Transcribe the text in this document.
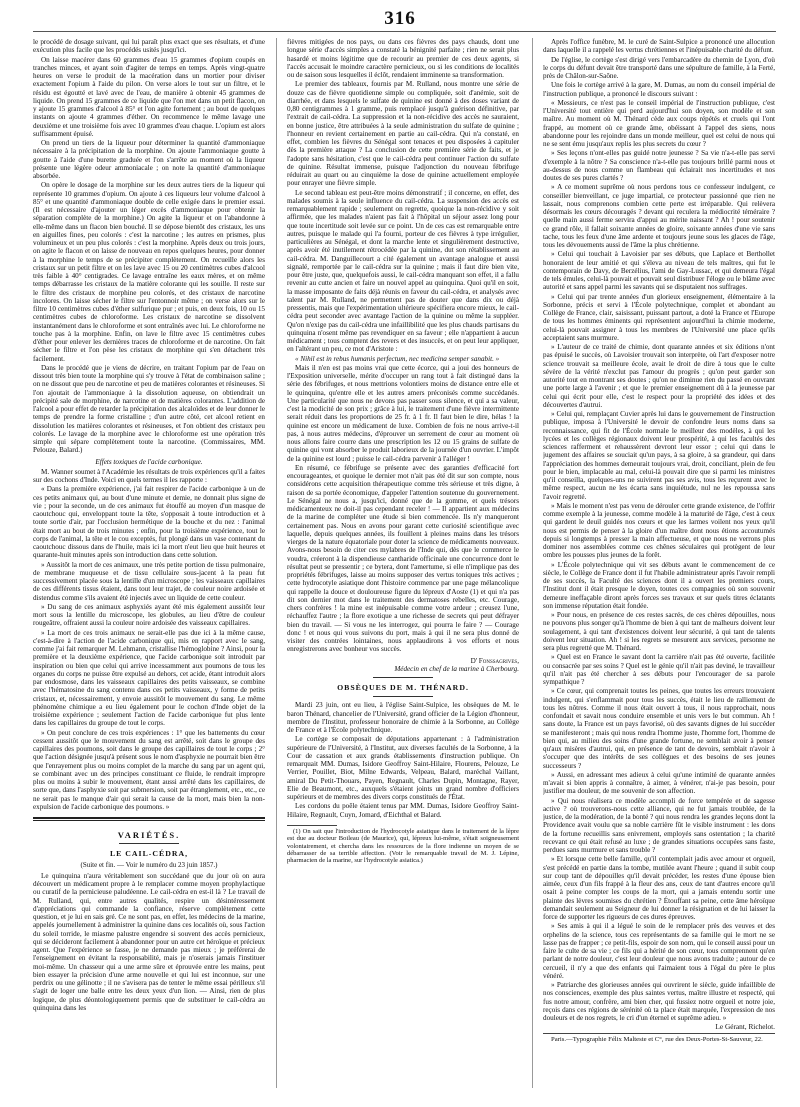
316

le procédé de dosage suivant, qui lui paraît plus exact que ses résultats, et d'une exécution plus facile que les procédés usités jusqu'ici.

On laisse macérer dans 60 grammes d'eau 15 grammes d'opium coupés en tranches minces, et ayant soin d'agiter de temps en temps. Après vingt-quatre heures on verse le produit de la macération dans un mortier pour diviser exactement l'opium à l'aide du pilon. On verse alors le tout sur un filtre, et le résidu est égoutté et lavé avec de l'eau, de manière à obtenir 45 grammes de liquide. On prend 15 grammes de ce liquide que l'on met dans un petit flacon, on y ajoute 15 grammes d'alcool à 85° et l'on agite fortement ; au bout de quelques instants on ajoute 4 grammes d'éther. On recommence le même lavage une deuxième et une troisième fois avec 10 grammes d'eau chaque. L'opium est alors suffisamment épuisé.

On prend un tiers de la liqueur pour déterminer la quantité d'ammoniaque nécessaire à la précipitation de la morphine. On ajoute l'ammoniaque goutte à goutte à l'aide d'une burette graduée et l'on s'arrête au moment où la liqueur présente une légère odeur ammoniacale ; on note la quantité d'ammoniaque absorbée.

On opère le dosage de la morphine sur les deux autres tiers de la liqueur qui représente 10 grammes d'opium. On ajoute à ces liqueurs leur volume d'alcool à 85° et une quantité d'ammoniaque double de celle exigée dans le premier essai. (Il est nécessaire d'ajouter un léger excès d'ammoniaque pour obtenir la séparation complète de la morphine.) On agite la liqueur et on l'abandonne à elle-même dans un flacon bien bouché. Il se dépose bientôt des cristaux, les uns en aiguilles fines, peu colorés : c'est la narcotine ; les autres en prismes, plus volumineux et un peu plus colorés : c'est la morphine. Après deux ou trois jours, on agite le flacon et on laisse de nouveau en repos quelques heures, pour donner à la morphine le temps de se précipiter complètement. On recueille alors les cristaux sur un petit filtre et on les lave avec 15 ou 20 centimètres cubes d'alcool très faible à 40° centigrades. Ce lavage entraîne les eaux mères, et on même temps débarrasse les cristaux de la matière colorante qui les souille. Il reste sur le filtre des cristaux de morphine peu colorés, et des cristaux de narcotine incolores. On laisse sécher le filtre sur l'entonnoir même ; on verse alors sur le filtre 10 centimètres cubes d'éther sulfurique pur ; et puis, en deux fois, 10 ou 15 centimètres cubes de chloroforme. Les cristaux de narcotine se dissolvent instantanément dans le chloroforme et sont entraînés avec lui. Le chloroforme ne touche pas à la morphine. Enfin, on lave le filtre avec 15 centimètres cubes d'éther pour enlever les dernières traces de chloroforme et de narcotine. On fait sécher le filtre et l'on pèse les cristaux de morphine qui s'en détachent très facilement.

Dans le procédé que je viens de décrire, en traitant l'opium par de l'eau on dissout très bien toute la morphine qui s'y trouve à l'état de combinaison saline ; on ne dissout que peu de narcotine et peu de matières colorantes et résineuses. Si l'on ajoutait de l'ammoniaque à la dissolution aqueuse, on obtiendrait un précipité sale de morphine, de narcotine et de matières colorantes. L'addition de l'alcool a pour effet de retarder la précipitation des alcaloïdes et de leur donner le temps de prendre la forme cristalline ; d'un autre côté, cet alcool retient en dissolution les matières colorantes et résineuses, et l'on obtient des cristaux peu colorés. Le lavage de la morphine avec le chloroforme est une opération très simple qui sépare complètement toute la narcotine. (Commissaires, MM. Pelouze, Balard.)

Effets toxiques de l'acide carbonique.

M. Wanner soumet à l'Académie les résultats de trois expériences qu'il a faites sur des cochons d'Inde. Voici en quels termes il les rapporte :

« Dans la première expérience, j'ai fait respirer de l'acide carbonique à un de ces petits animaux qui, au bout d'une minute et demie, ne donnait plus signe de vie ; pour la seconde, un de ces animaux fut étouffé au moyen d'un masque de caoutchouc qui, enveloppant toute la tête, s'opposait à toute introduction et à toute sortie d'air, par l'occlusion hermétique de la bouche et du nez : l'animal était mort au bout de trois minutes ; enfin, pour la troisième expérience, tout le corps de l'animal, la tête et le cou exceptés, fut plongé dans un vase contenant du caoutchouc dissous dans de l'huile, mais ici la mort n'eut lieu que huit heures et quarante-huit minutes après son introduction dans cette solution.

» Aussitôt la mort de ces animaux, une très petite portion de tissu pulmonaire, de membrane muqueuse et de tissu cellulaire sous-jacent à la peau fut successivement placée sous la lentille d'un microscope ; les vaisseaux capillaires de ces différents tissus étaient, dans tout leur trajet, de couleur noire ardoisée et distendus comme s'ils avaient été injectés avec un liquide de cette couleur.

» Du sang de ces animaux asphyxiés ayant été mis également aussitôt leur mort sous la lentille du microscope, les globules, au lieu d'être de couleur rougeâtre, offraient aussi la couleur noire ardoisée des vaisseaux capillaires.

» La mort de ces trois animaux ne serait-elle pas due ici à la même cause, c'est-à-dire à l'action de l'acide carbonique qui, mis en rapport avec le sang, comme j'ai fait remarquer M. Lehmann, cristallise l'hémoglobine ? Ainsi, pour la première et la deuxième expérience, que l'acide carbonique soit introduit par inspiration ou bien que celui qui arrive incessamment aux poumons de tous les organes du corps ne puisse être expulsé au dehors, cet acide, étant introduit alors par endosmose, dans les vaisseaux capillaires des petits vaisseaux, se combine avec l'hématosine du sang contenu dans ces petits vaisseaux, y forme de petits cristaux, et, nécessairement, y envoie aussitôt le mouvement du sang. Le même phénomène chimique a eu lieu également pour le cochon d'Inde objet de la troisième expérience ; seulement l'action de l'acide carbonique fut plus lente dans les capillaires du groupe de tout le corps.

» On peut conclure de ces trois expériences : 1° que les battements du cœur cessent aussitôt que le mouvement du sang est arrêté, soit dans le groupe des capillaires des poumons, soit dans le groupe des capillaires de tout le corps ; 2° que l'action désignée jusqu'à présent sous le nom d'asphyxie ne pourrait bien être que l'enrayement plus ou moins complet de la marche du sang par un agent qui, se combinant avec un des principes constituant ce fluide, le rendrait impropre plus ou moins à subir le mouvement, étant aussi arrêté dans les capillaires, de sorte que, dans l'asphyxie soit par submersion, soit par étranglement, etc., etc., ce ne serait pas le manque d'air qui serait la cause de la mort, mais bien la non-expulsion de l'acide carbonique des poumons. »

VARIÉTÉS.

LE CAIL-CÉDRA,

(Suite et fin. — Voir le numéro du 23 juin 1857.)

Le quinquina n'aura véritablement son succédané que du jour où on aura découvert un médicament propre à le remplacer comme moyen prophylactique ou curatif de la pernicieuse paludéenne. Le cail-cédra en est-il là ? Le travail de M. Rulland, qui, entre autres qualités, respire un désintéressement d'appréciations qui commande la confiance, réserve complètement cette question, et je lui en sais gré. Ce ne sont pas, en effet, les médecins de la marine, appelés journellement à administrer la quinine dans ces localités où, sous l'action du soleil torride, le miasme palustre engendre si souvent des accès pernicieux, qui se décideront facilement à abandonner pour un autre cet héroïque et précieux agent. Que l'expérience se fasse, je ne demande pas mieux ; je préférerai de l'enseignement en évitant la responsabilité, mais je n'oserais jamais l'instituer moi-même. Un chasseur qui a une arme sûre et éprouvée entre les mains, peut bien essayer la précision d'une arme nouvelle et qui lui est inconnue, sur une perdrix ou une gélinotte ; il ne s'avisera pas de tenter le même essai périlleux s'il s'agit de loger une balle entre les deux yeux d'un lion. — Ainsi, rien de plus logique, de plus déontologiquement permis que de substituer le cail-cédra au quinquina dans les

fièvres mitigées de nos pays, ou dans ces fièvres des pays chauds, dont une longue série d'accès simples a constaté la bénignité parfaite ; rien ne serait plus hasardé et moins légitime que de recourir au premier de ces deux agents, si l'accès accusait le moindre caractère pernicieux, ou si les conditions de localités ou de saison sous lesquelles il éclôt, rendaient imminente sa transformation.

Le premier des tableaux, fournis par M. Rulland, nous montre une série de douze cas de fièvre quotidienne simple ou compliquée, soit d'anémie, soit de diarrhée, et dans lesquels le sulfate de quinine est donné à des doses variant de 0,80 centigrammes à 1 gramme, puis remplacé jusqu'à guérison définitive, par l'extrait de cail-cédra. La suppression et la non-récidive des accès ne sauraient, en bonne justice, être attribuées à la seule administration du sulfate de quinine ; l'honneur en revient certainement en partie au cail-cédra. Qui n'a constaté, en effet, combien les fièvres du Sénégal sont tenaces et peu disposées à capituler dès la première attaque ? La conclusion de cette première série de faits, et je l'adopte sans hésitation, c'est que le cail-cédra peut continuer l'action du sulfate de quinine. Résultat immense, puisque l'adjonction du nouveau fébrifuge réduirait au quart ou au cinquième la dose de quinine actuellement employée pour enrayer une fièvre simple.

Le second tableau est peut-être moins démonstratif ; il concerne, en effet, des malades soumis à la seule influence du cail-cédra. La suspension des accès est remarquablement rapide ; seulement on regrette, quoique la non-récidive y soit affirmée, que les malades n'aient pas fait à l'hôpital un séjour assez long pour que toute incertitude soit levée sur ce point. Un de ces cas est remarquable entre autres, puisque le malade qui l'a fourni, porteur de ces fièvres à type irrégulier, particulières au Sénégal, et dont la marche lente et singulièrement destructive, après avoir été inutilement rétrocédée par la quinine, dut son rétablissement au cail-cédra. M. Danguillecourt a cité également un avantage analogue et aussi signalé, remportée par le cail-cédra sur la quinine ; mais il faut dire bien vite, pour être juste, que, quelquefois aussi, le cail-cédra manquant son effet, il a fallu revenir au cutte ancien et faire un nouvel appel au quinquina. Quoi qu'il en soit, la masse imposante de faits déjà réunis en faveur du cail-cédra, et analysés avec talent par M. Rulland, ne permettent pas de douter que dans dix ou déjà pressentis, mais que l'expérimentation ultérieure spécifiera encore mieux, le cail-cédra peut seconder avec avantage l'action de la quinine ou même la suppléer. Qu'on n'exige pas du cail-cédra une infaillibilité que les plus chauds partisans du quinquina n'osent même pas revendiquer en sa faveur ; elle n'appartient à aucun médicament ; tous comptent des revers et des insuccès, et on peut leur appliquer, en l'altérant un peu, ce mot d'Aristote :

« Nihil est in rebus humanis perfectum, nec medicina semper sanabit. »

Mais il n'en est pas moins vrai que cette écorce, qui a joui des honneurs de l'Exposition universelle, mérite d'occuper un rang tout à fait distingué dans la série des fébrifuges, et nous mettrions volontiers moins de distance entre elle et le quinquina, qu'entre elle et les autres amers préconisés comme succédanés. Une particularité que nous ne devons pas passer sous silence, et qui a sa valeur, c'est la modicité de son prix ; grâce à lui, le traitement d'une fièvre intermittente serait réduit dans les proportions de 25 fr. à 1 fr. Il faut bien le dire, hélas ! la quinine est encore un médicament de luxe. Combien de fois ne nous arrive-t-il pas, à nous autres médecins, d'éprouver un serrement de cœur au moment où nous allons faire courre dans une prescription les 12 ou 15 grains de sulfate de quinine qui vont absorber le produit laborieux de la journée d'un ouvrier. L'impôt de la quinine est lourd ; puisse le cail-cédra parvenir à l'alléger !

En résumé, ce fébrifuge se présente avec des garanties d'efficacité fort encourageantes, et quoique le dernier mot n'ait pas été dit sur son compte, nous considérons cette acquisition thérapeutique comme très sérieuse et très digne, à raison de sa portée économique, d'appeler l'attention soutenue du gouvernement. Le Sénégal ne nous a, jusqu'ici, donné que de la gomme, et quels trésors médicamenteux ne doit-il pas cependant receler ! — Il appartient aux médecins de la marine de compléter une étude si bien commencée. Ils n'y manqueront certainement pas. Nous en avons pour garant cette curiosité scientifique avec laquelle, depuis quelques années, ils fouillent à pleines mains dans les trésors vierges de la nature équatoriale pour doter la science de médicaments nouveaux. Avons-nous besoin de citer ces mylabres de l'Inde qui, dès que le commerce le voudra, créeront à la dispendieuse cantharide officinale une concurrence dont le résultat peut se pressentir ; ce bytera, dont l'amertume, si elle n'implique pas des propriétés fébrifuges, laisse au moins supposer des vertus toniques très actives ; cette hydrocotyle asiatique dont l'histoire commence par une page mélancolique qui rappelle la douce et douloureuse figure du lépreux d'Aoste (1) et qui n'a pas dit son dernier mot dans le traitement des dermatoses rebelles, etc. Courage, chers confrères ! la mine est inépuisable comme votre ardeur ; creusez l'une, réchauffez l'autre ; la flore exotique a une richesse de secrets qui peut défrayer bien du travail. — Si vous ne les interrogez, qui pourra le faire ? — Courage donc ! et nous qui vous suivons du port, mais à qui il ne sera plus donné de visiter des contrées lointaines, nous applaudirons à vos efforts et nous enregistrerons avec bonheur vos succès.

D' Fonssagrives,

Médecin en chef de la marine à Cherbourg.

OBSÈQUES DE M. THÉNARD.

Mardi 23 juin, ont eu lieu, à l'église Saint-Sulpice, les obsèques de M. le baron Thénard, chancelier de l'Université, grand officier de la Légion d'honneur, membre de l'Institut, professeur honoraire de chimie à la Sorbonne, au Collège de France et à l'École polytechnique.

Le cortège se composait de députations appartenant : à l'administration supérieure de l'Université, à l'Institut, aux diverses facultés de la Sorbonne, à la Cour de cassation et aux grands établissements d'instruction publique. On remarquait MM. Dumas, Isidore Geoffroy Saint-Hilaire, Flourens, Pelouze, Le Verrier, Pouillet, Biot, Milne Edwards, Velpeau, Balard, maréchal Vaillant, amiral Du Petit-Thouars, Payen, Regnault, Charles Dupin, Montagne, Rayer, Elie de Beaumont, etc., auxquels s'étaient joints un grand nombre d'officiers supérieurs et de membres des divers corps constitués de l'État.

Les cordons du poêle étaient tenus par MM. Dumas, Isidore Geoffroy Saint-Hilaire, Regnault, Cuyn, Jomard, d'Eichthal et Balard.

(1) On sait que l'introduction de l'hydrocotyle asiatique dans le traitement de la lèpre est due au docteur Boileau (de Maurice), qui, lépreux lui-même, s'était soigneusement volontairement, et chercha dans les ressources de la flore indienne un moyen de se débarrasser de sa terrible affection. (Voir le remarquable travail de M. J. Lépine, pharmacien de la marine, sur l'hydrocotyle asiatica.)

Après l'office funèbre, M. le curé de Saint-Sulpice a prononcé une allocution dans laquelle il a rappelé les vertus chrétiennes et l'inépuisable charité du défunt.

De l'église, le cortège s'est dirigé vers l'embarcadère du chemin de Lyon, d'où le corps du défunt devait être transporté dans une sépulture de famille, à la Ferté, près de Châlon-sur-Saône.

Une fois le cortège arrivé à la gare, M. Dumas, au nom du conseil impérial de l'instruction publique, a prononcé le discours suivant :

« Messieurs, ce n'est pas le conseil impérial de l'instruction publique, c'est l'Université tout entière qui perd aujourd'hui son doyen, son modèle et son maître. Au moment où M. Thénard cède aux coups répétés et cruels qui l'ont frappé, au moment où ce grande âme, obéissant à l'appel des siens, nous abandonne pour les rejoindre dans un monde meilleur, quel est celui de nous qui ne se sent ému jusqu'aux replis les plus secrets du cœur ?

» Ses leçons n'ont-elles pas guidé notre jeunesse ? Sa vie n'a-t-elle pas servi d'exemple à la nôtre ? Sa conscience n'a-t-elle pas toujours brillé parmi nous et au-dessus de nous comme un flambeau qui éclairait nos incertitudes et nos doutes de ses pures clartés ?

» A ce moment suprême où nous perdons tous ce confesseur indulgent, ce conseiller bienveillant, ce juge impartial, ce protecteur passionné que rien ne lassait, nous comprenons combien cette perte est irréparable. Qui relèvera désormais les cœurs découragés ? devant qui reculera la médiocrité téméraire ? quelle main aussi ferme servira d'appui au mérite naissant ? Ah ! pour soutenir ce grand rôle, il fallait soixante années de gloire, soixante années d'une vie sans tache, tous les feux d'une âme ardente et toujours jeune sous les glaces de l'âge, tous les dévouements aussi de l'âme la plus chrétienne.

» Celui qui touchait à Lavoisier par ses débuts, que Laplace et Berthollet honoraient de leur amitié et qui s'éleva au niveau de tels maîtres, qui fut le contemporain de Davy, de Berzélius, l'ami de Gay-Lussac, et qui demeura l'égal de tels émules, celui-là pouvait et pouvait seul distribuer l'éloge ou le blâme avec autorité et sans appel parmi les savants qui se disputaient nos suffrages.

» Celui qui par trente années d'un glorieux enseignement, élémentaire à la Sorbonne, précis et servi à l'École polytechnique, complet et abondant au Collège de France, clair, saisissant, puissant partout, a doté la France et l'Europe de tous les hommes éminents qui représentent aujourd'hui la chimie moderne, celui-là pouvait assigner à tous les membres de l'Université une place qu'ils acceptaient sans murmure.

» L'auteur de ce traité de chimie, dont quarante années et six éditions n'ont pas épuisé le succès, où Lavoisier trouvait son interprète, où l'art d'exposer notre science trouvait sa meilleure école, avait le droit de dire à tous que le culte sévère de la vérité n'exclut pas l'amour du progrès ; qu'on peut garder son autorité tout en montrant ses doutes ; qu'on ne diminue rien du passé en ouvrant une porte large à l'avenir ; et que le premier enseignement dû à la jeunesse par celui qui écrit pour elle, c'est le respect pour la propriété des idées et des découvertes d'autrui.

» Celui qui, remplaçant Cuvier après lui dans le gouvernement de l'instruction publique, imposa à l'Université le devoir de confondre leurs noms dans sa reconnaissance, qui fit de l'École normale le meilleur des modèles, à qui les lycées et les collèges régionaux doivent leur prospérité, à qui les facultés des sciences rafferment et rehaussèrent devront leur essor ; celui qui dans le jugement des affaires se souciait qu'un pays, à sa gloire, à sa grandeur, qui dans l'appréciation des hommes demeurait toujours vrai, droit, conciliant, plein de feu pour le bien, implacable au mal, celui-là pouvait dire que si parmi les ministres qu'il conseilla, quelques-uns ne suivirent pas ses avis, tous les reçurent avec le même respect, aucun ne les écarta sans inquiétude, nul ne les repoussa sans l'avoir regretté.

» Mais le moment n'est pas venu de dérouler cette grande existence, de l'offrir comme exemple à la jeunesse, comme modèle à la maturité de l'âge, c'est à ceux qui gardent le deuil guidés nos cœurs et que les larmes voilent nos yeux qu'il nous est permis de penser à la gloire d'un maître dont nous étions accoutumés depuis si longtemps à presser la main affectueuse, et que nous ne verrons plus dominer nos assemblées comme ces chênes séculaires qui protègent de leur ombre les pousses plus jeunes de la forêt.

» L'École polytechnique qui vit ses débuts avant le commencement de ce siècle, le Collège de France dont il fut l'habile administrateur après l'avoir rempli de ses succès, la Faculté des sciences dont il a ouvert les premiers cours, l'Institut dont il était presque le doyen, toutes ces compagnies où son souvenir demeure ineffaçable diront après forces ses travaux et sur quels titres éclatants son immense réputation était fondée.

» Pour nous, en présence de ces restes sacrés, de ces chères dépouilles, nous ne pouvons plus songer qu'à l'homme de bien à qui tant de malheurs doivent leur soulagement, à qui tant d'existences doivent leur sécurité, à qui tant de talents doivent leur situation. Ah ! si les regrets se mesurent aux services, personne ne sera plus regretté que M. Thénard.

» Quel est en France le savant dont la carrière n'ait pas été ouverte, facilitée ou consacrée par ses soins ? Quel est le génie qu'il n'ait pas deviné, le travailleur qu'il n'ait pas été chercher à ses débuts pour l'encourager de sa parole sympathique ?

» Ce cœur, qui comprenait toutes les peines, que toutes les erreurs trouvaient indulgent, qui s'enflammait pour tous les succès, était le lieu de ralliement de tous les nôtres. Comme il nous était ouvert à tous, il nous rapprochait, nous confondait et savait nous conduire ensemble et unis vers le but commun. Ah ! sans doute, la France est un pays favorisé, où des savants dignes de lui succéder se manifesteront ; mais qui nous rendra l'homme juste, l'homme fort, l'homme de bien qui, au milieu des soins d'une grande fortune, ne semblait avoir à penser qu'aux misères d'autrui, qui, en présence de tant de devoirs, semblait n'avoir à s'occuper que des intérêts de ses collègues et des besoins de ses jeunes successeurs ?

» Aussi, en adressant mes adieux à celui qu'une intimité de quarante années m'avait si bien appris à connaître, à aimer, à vénérer, n'ai-je pas besoin, pour justifier ma douleur, de me souvenir de son affection.

» Qui nous réalisera ce modèle accompli de force tempérée et de sagesse active ? où trouverons-nous cette alliance, qui ne fut jamais troublée, de la justice, de la modération, de la bonté ? qui nous rendra les grandes leçons dont la Providence avait voulu que sa noble carrière fût le visible instrument : les dons de la fortune recueillis sans enivrement, employés sans ostentation ; la charité recevant ce qui était refusé au luxe ; de grandes situations occupées sans faste, perdues sans murmure et sans trouble ?

» Et lorsque cette belle famille, qu'il contemplait jadis avec amour et orgueil, s'est précédé en partie dans la tombe, mutilée avant l'heure ; quand il subit coup sur coup tant de dépouilles qu'il devait précéder, les restes d'une épouse bien aimée, ceux d'un fils frappé à la fleur des ans, ceux de tant d'autres encore qu'il osait à peine compter les coups de la mort, qui a jamais entendu sortir une plainte des lèvres soumises du chrétien ? Étouffant sa peine, cette âme héroïque demandait seulement au Seigneur de lui donner la résignation et de lui laisser la force de supporter les rigueurs de ces dures épreuves.

» Ses amis à qui il a légué le soin de le remplacer près des veuves et des orphelins de la science, tous ces représentants de sa famille qui le mort ne se lasse pas de frapper ; ce petit-fils, espoir de son nom, qui le conseil aussi pour un faire le culte de sa vie ; ce fils qui a hérité de son cœur, tous comprennent qu'en parlant de notre douleur, c'est leur douleur que nous avons traduite ; autour de ce cercueil, il n'y a que des enfants qui l'aimaient tous à l'égal du père le plus vénéré.

» Patriarche des glorieuses années qui ouvrirent le siècle, guide infaillible de nos consciences, exemple des plus saintes vertus, maître illustre et respecté, qui fus notre amour, confrère, ami bien cher, qui fussiez notre orgueil et notre joie, reçois dans ces régions de sérénité où ta place était marquée, l'expression de nos douleurs et de nos regrets, le cri d'un éternel et suprême adieu. »

Le Gérant, Richelot.

Paris.—Typographie Félix Malteste et C°, rue des Deux-Portes-St-Sauveur, 22.
